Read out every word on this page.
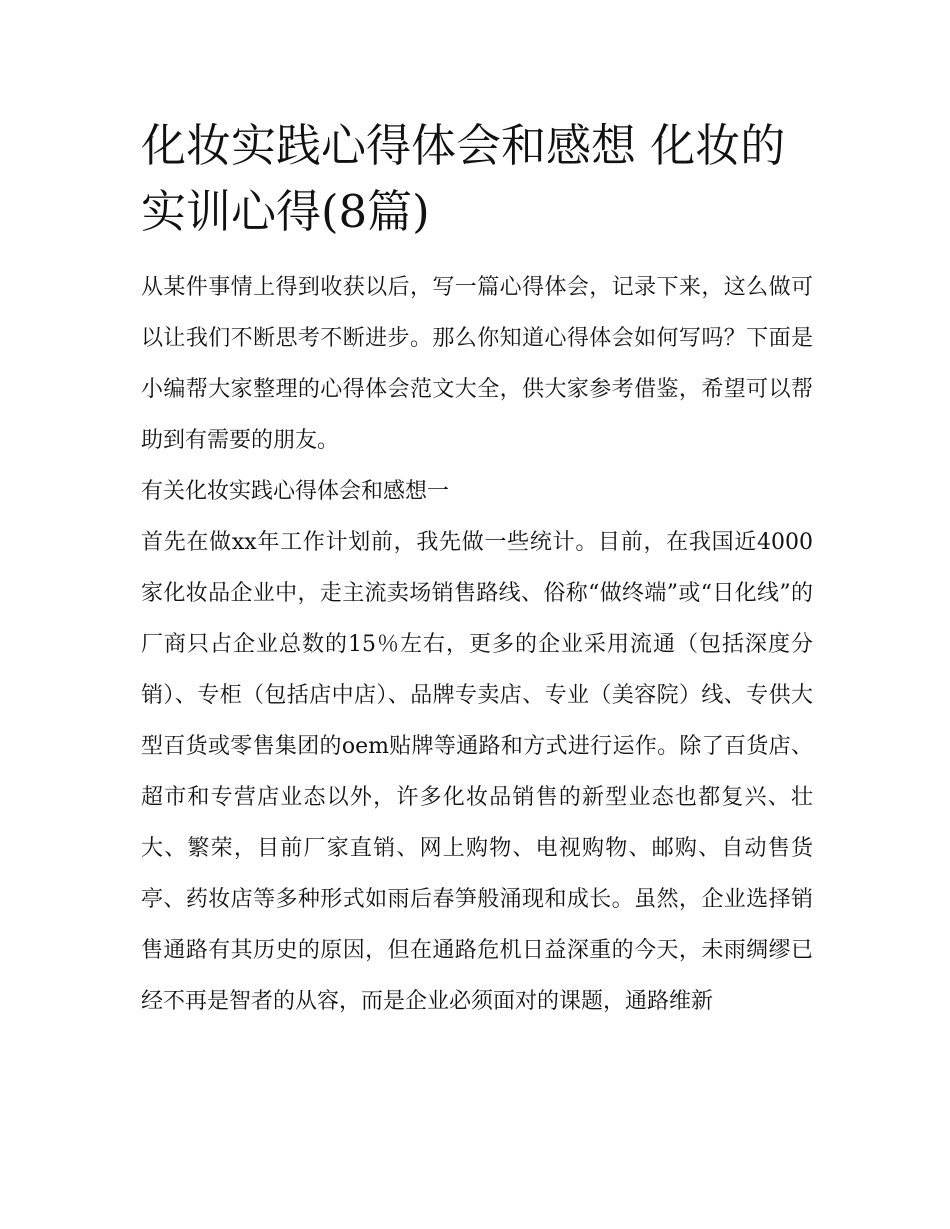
化妆实践心得体会和感想 化妆的实训心得(8篇)

从某件事情上得到收获以后，写一篇心得体会，记录下来，这么做可以让我们不断思考不断进步。那么你知道心得体会如何写吗？下面是小编帮大家整理的心得体会范文大全，供大家参考借鉴，希望可以帮助到有需要的朋友。

有关化妆实践心得体会和感想一

首先在做xx年工作计划前，我先做一些统计。目前，在我国近4000家化妆品企业中，走主流卖场销售路线、俗称“做终端”或“日化线”的厂商只占企业总数的15％左右，更多的企业采用流通（包括深度分销）、专柜（包括店中店）、品牌专卖店、专业（美容院）线、专供大型百货或零售集团的oem贴牌等通路和方式进行运作。除了百货店、超市和专营店业态以外，许多化妆品销售的新型业态也都复兴、壮大、繁荣，目前厂家直销、网上购物、电视购物、邮购、自动售货亭、药妆店等多种形式如雨后春笋般涌现和成长。虽然，企业选择销售通路有其历史的原因，但在通路危机日益深重的今天，未雨绸缪已经不再是智者的从容，而是企业必须面对的课题，通路维新
